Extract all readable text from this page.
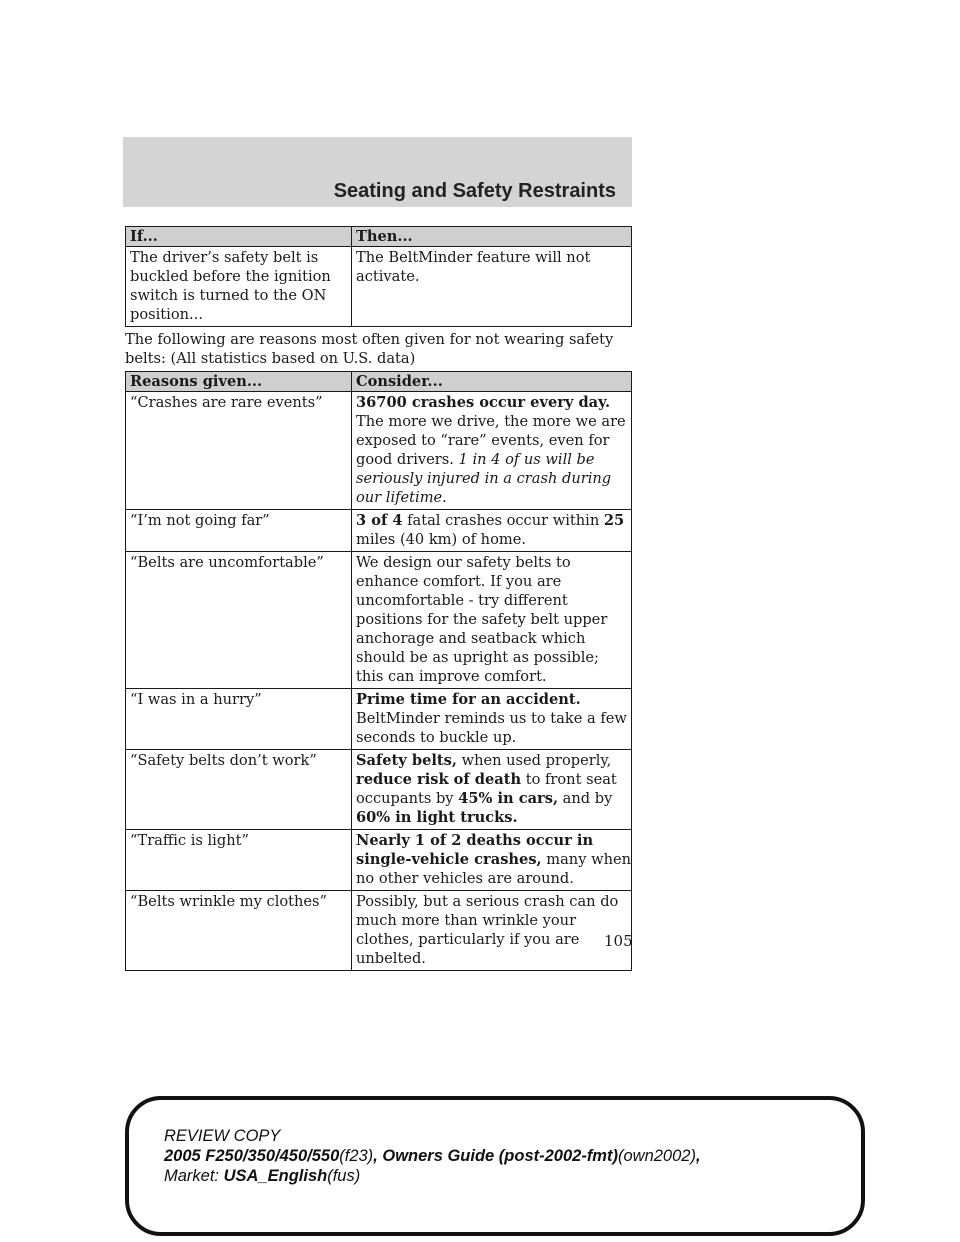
Seating and Safety Restraints
If...	Then...
The driver’s safety belt is buckled before the ignition switch is turned to the ON position...	The BeltMinder feature will not activate.
The following are reasons most often given for not wearing safety belts: (All statistics based on U.S. data)
Reasons given...	Consider...
“Crashes are rare events”	36700 crashes occur every day. The more we drive, the more we are exposed to “rare” events, even for good drivers. 1 in 4 of us will be seriously injured in a crash during our lifetime.
“I’m not going far”	3 of 4 fatal crashes occur within 25 miles (40 km) of home.
“Belts are uncomfortable”	We design our safety belts to enhance comfort. If you are uncomfortable - try different positions for the safety belt upper anchorage and seatback which should be as upright as possible; this can improve comfort.
“I was in a hurry”	Prime time for an accident. BeltMinder reminds us to take a few seconds to buckle up.
“Safety belts don’t work”	Safety belts, when used properly, reduce risk of death to front seat occupants by 45% in cars, and by 60% in light trucks.
“Traffic is light”	Nearly 1 of 2 deaths occur in single-vehicle crashes, many when no other vehicles are around.
“Belts wrinkle my clothes”	Possibly, but a serious crash can do much more than wrinkle your clothes, particularly if you are unbelted.
105
REVIEW COPY
2005 F250/350/450/550(f23), Owners Guide (post-2002-fmt)(own2002),
Market: USA_English(fus)
